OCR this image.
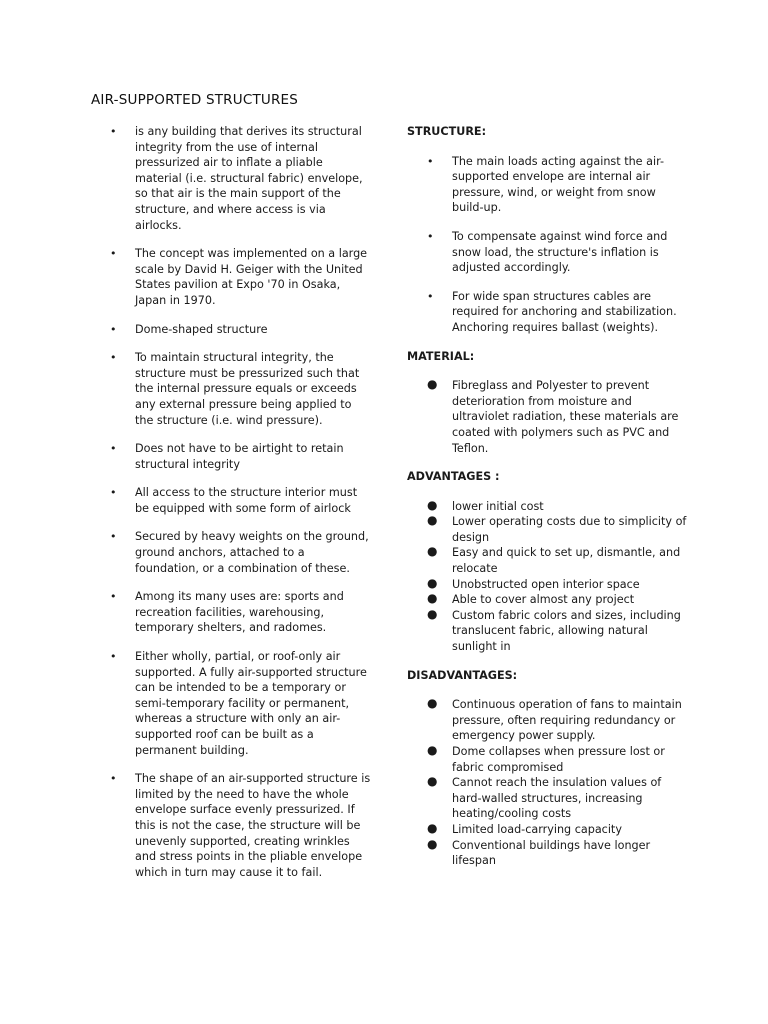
AIR-SUPPORTED STRUCTURES
• is any building that derives its structural integrity from the use of internal pressurized air to inflate a pliable material (i.e. structural fabric) envelope, so that air is the main support of the structure, and where access is via airlocks.
• The concept was implemented on a large scale by David H. Geiger with the United States pavilion at Expo '70 in Osaka, Japan in 1970.
• Dome-shaped structure
• To maintain structural integrity, the structure must be pressurized such that the internal pressure equals or exceeds any external pressure being applied to the structure (i.e. wind pressure).
• Does not have to be airtight to retain structural integrity
• All access to the structure interior must be equipped with some form of airlock
• Secured by heavy weights on the ground, ground anchors, attached to a foundation, or a combination of these.
• Among its many uses are: sports and recreation facilities, warehousing, temporary shelters, and radomes.
• Either wholly, partial, or roof-only air supported. A fully air-supported structure can be intended to be a temporary or semi-temporary facility or permanent, whereas a structure with only an air-supported roof can be built as a permanent building.
• The shape of an air-supported structure is limited by the need to have the whole envelope surface evenly pressurized. If this is not the case, the structure will be unevenly supported, creating wrinkles and stress points in the pliable envelope which in turn may cause it to fail.
STRUCTURE:
• The main loads acting against the air-supported envelope are internal air pressure, wind, or weight from snow build-up.
• To compensate against wind force and snow load, the structure's inflation is adjusted accordingly.
• For wide span structures cables are required for anchoring and stabilization. Anchoring requires ballast (weights).
MATERIAL:
● Fibreglass and Polyester to prevent deterioration from moisture and ultraviolet radiation, these materials are coated with polymers such as PVC and Teflon.
ADVANTAGES :
● lower initial cost
● Lower operating costs due to simplicity of design
● Easy and quick to set up, dismantle, and relocate
● Unobstructed open interior space
● Able to cover almost any project
● Custom fabric colors and sizes, including translucent fabric, allowing natural sunlight in
DISADVANTAGES:
● Continuous operation of fans to maintain pressure, often requiring redundancy or emergency power supply.
● Dome collapses when pressure lost or fabric compromised
● Cannot reach the insulation values of hard-walled structures, increasing heating/cooling costs
● Limited load-carrying capacity
● Conventional buildings have longer lifespan
